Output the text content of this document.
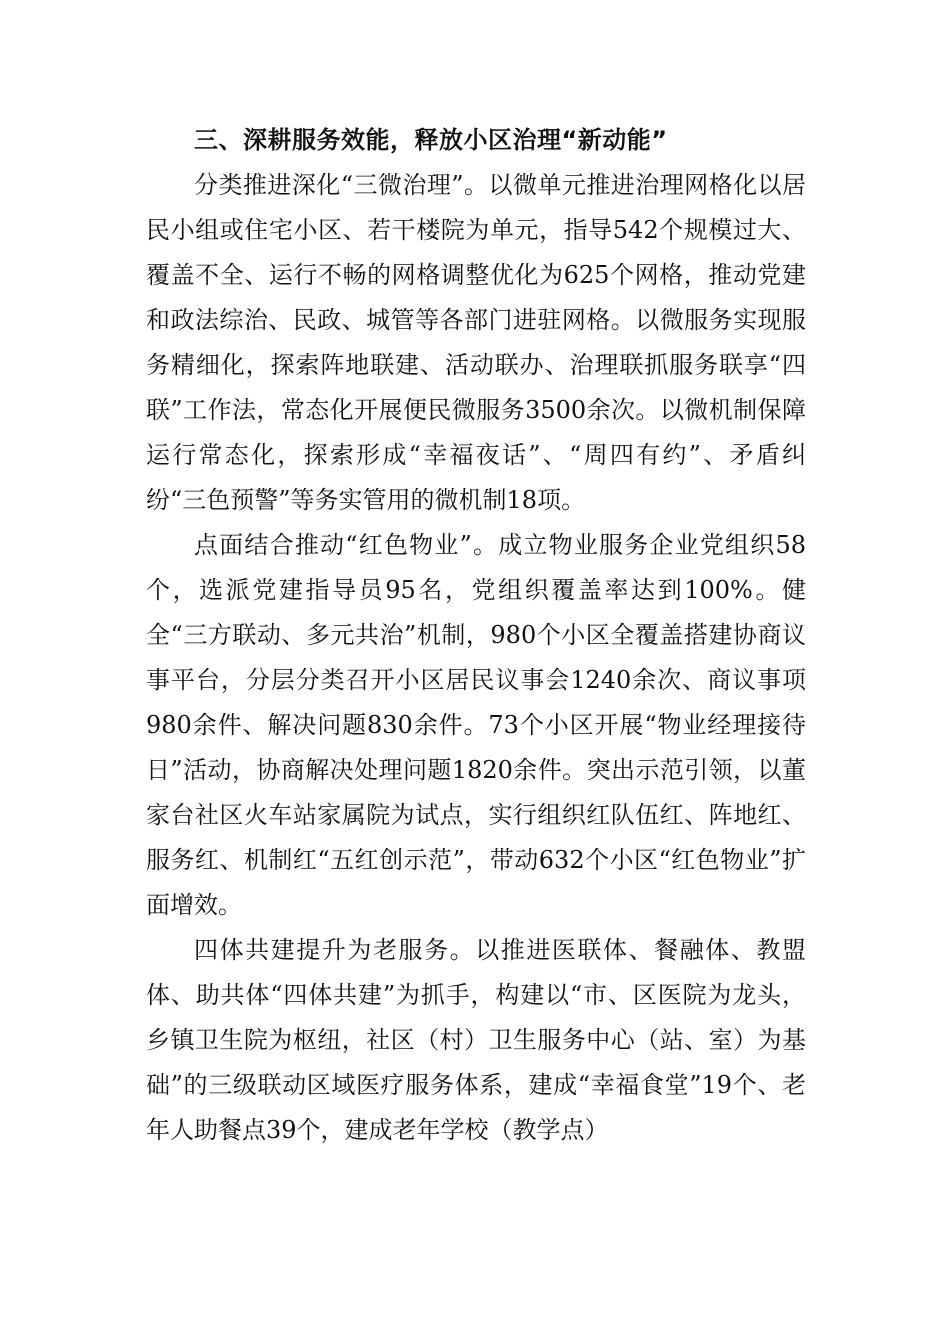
三、深耕服务效能，释放小区治理“新动能”

分类推进深化“三微治理”。以微单元推进治理网格化以居民小组或住宅小区、若干楼院为单元，指导542个规模过大、覆盖不全、运行不畅的网格调整优化为625个网格，推动党建和政法综治、民政、城管等各部门进驻网格。以微服务实现服务精细化，探索阵地联建、活动联办、治理联抓服务联享“四联”工作法，常态化开展便民微服务3500余次。以微机制保障运行常态化，探索形成“幸福夜话”、“周四有约”、矛盾纠纷“三色预警”等务实管用的微机制18项。

点面结合推动“红色物业”。成立物业服务企业党组织58个，选派党建指导员95名，党组织覆盖率达到100%。健全“三方联动、多元共治”机制，980个小区全覆盖搭建协商议事平台，分层分类召开小区居民议事会1240余次、商议事项980余件、解决问题830余件。73个小区开展“物业经理接待日”活动，协商解决处理问题1820余件。突出示范引领，以董家台社区火车站家属院为试点，实行组织红队伍红、阵地红、服务红、机制红“五红创示范”，带动632个小区“红色物业”扩面增效。

四体共建提升为老服务。以推进医联体、餐融体、教盟体、助共体“四体共建”为抓手，构建以“市、区医院为龙头，乡镇卫生院为枢纽，社区（村）卫生服务中心（站、室）为基础”的三级联动区域医疗服务体系，建成“幸福食堂”19个、老年人助餐点39个，建成老年学校（教学点）
